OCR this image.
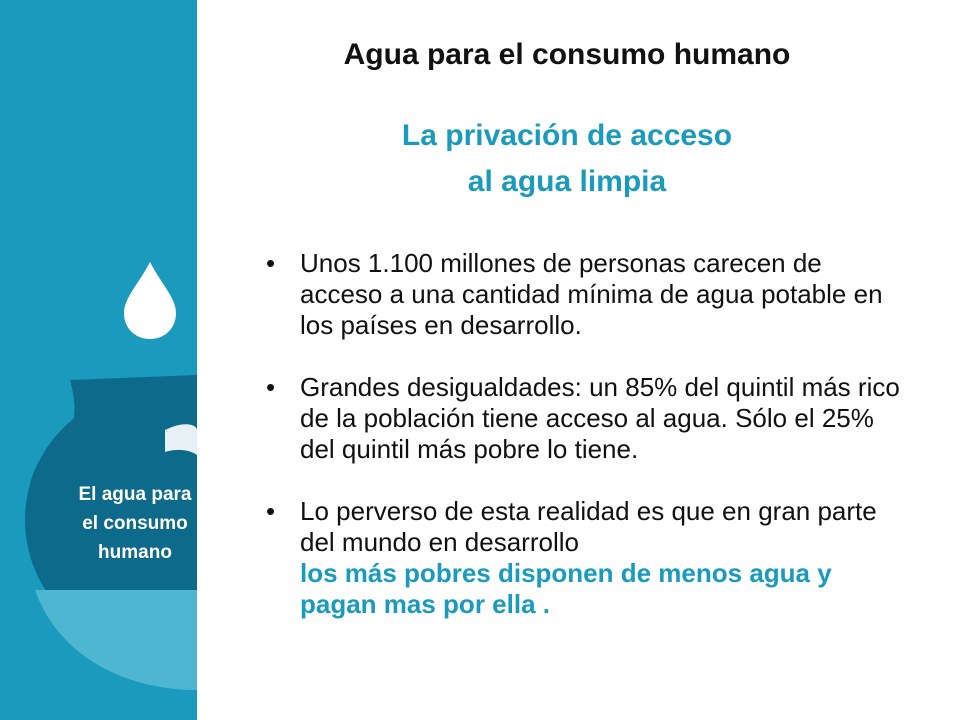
El agua para el consumo humano
Agua para el consumo humano
La privación de acceso
al agua limpia
• Unos 1.100 millones de personas carecen de acceso a una cantidad mínima de agua potable en los países en desarrollo.
• Grandes desigualdades: un 85% del quintil más rico de la población tiene acceso al agua. Sólo el 25% del quintil más pobre lo tiene.
• Lo perverso de esta realidad es que en gran parte del mundo en desarrollo
los más pobres disponen de menos agua y pagan mas por ella .
